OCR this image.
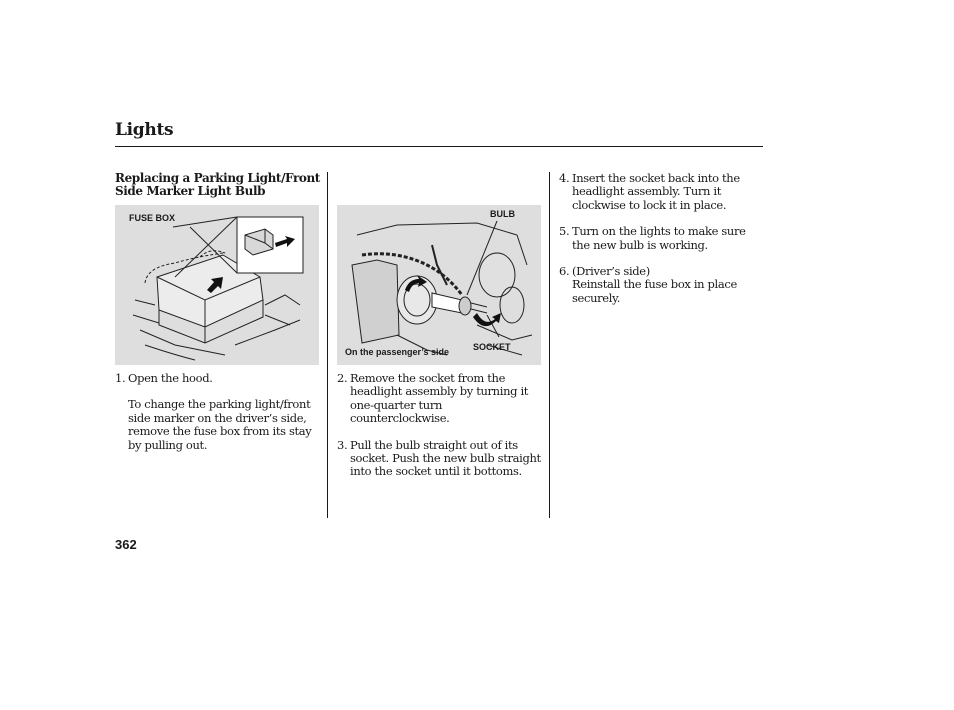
Lights
Replacing a Parking Light/Front
Side Marker Light Bulb
FUSE BOX	BULB
SOCKET
On the passenger’s side
1. Open the hood.
To change the parking light/front side marker on the driver’s side, remove the fuse box from its stay by pulling out.
2. Remove the socket from the headlight assembly by turning it one-quarter turn counterclockwise.
3. Pull the bulb straight out of its socket. Push the new bulb straight into the socket until it bottoms.
4. Insert the socket back into the headlight assembly. Turn it clockwise to lock it in place.
5. Turn on the lights to make sure the new bulb is working.
6. (Driver’s side)
Reinstall the fuse box in place securely.
362
